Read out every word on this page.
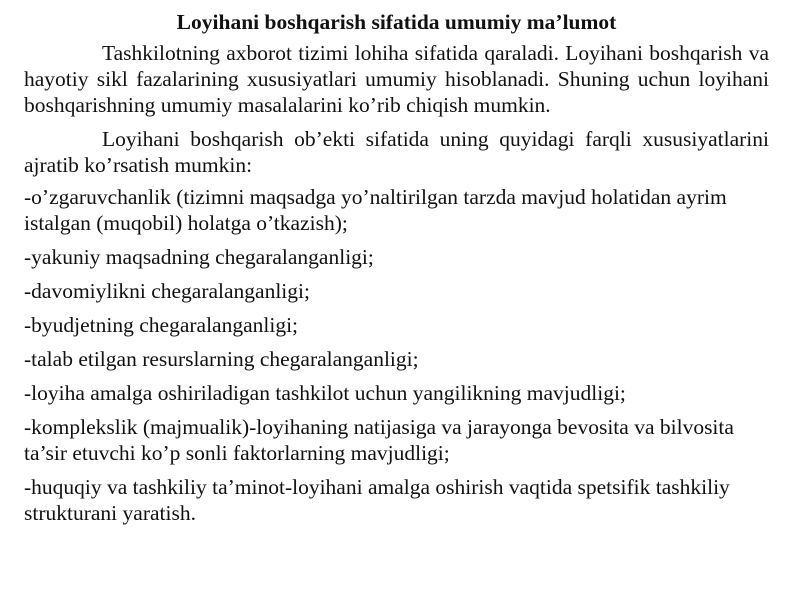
Loyihani boshqarish sifatida umumiy ma’lumot

Tashkilotning axborot tizimi lohiha sifatida qaraladi. Loyihani boshqarish va hayotiy sikl fazalarining xususiyatlari umumiy hisoblanadi. Shuning uchun loyihani boshqarishning umumiy masalalarini ko’rib chiqish mumkin.

Loyihani boshqarish ob’ekti sifatida uning quyidagi farqli xususiyatlarini ajratib ko’rsatish mumkin:

-o’zgaruvchanlik (tizimni maqsadga yo’naltirilgan tarzda mavjud holatidan ayrim istalgan (muqobil) holatga o’tkazish);
-yakuniy maqsadning chegaralanganligi;
-davomiylikni chegaralanganligi;
-byudjetning chegaralanganligi;
-talab etilgan resurslarning chegaralanganligi;
-loyiha amalga oshiriladigan tashkilot uchun yangilikning mavjudligi;
-komplekslik (majmualik)-loyihaning natijasiga va jarayonga bevosita va bilvosita ta’sir etuvchi ko’p sonli faktorlarning mavjudligi;
-huquqiy va tashkiliy ta’minot-loyihani amalga oshirish vaqtida spetsifik tashkiliy strukturani yaratish.
